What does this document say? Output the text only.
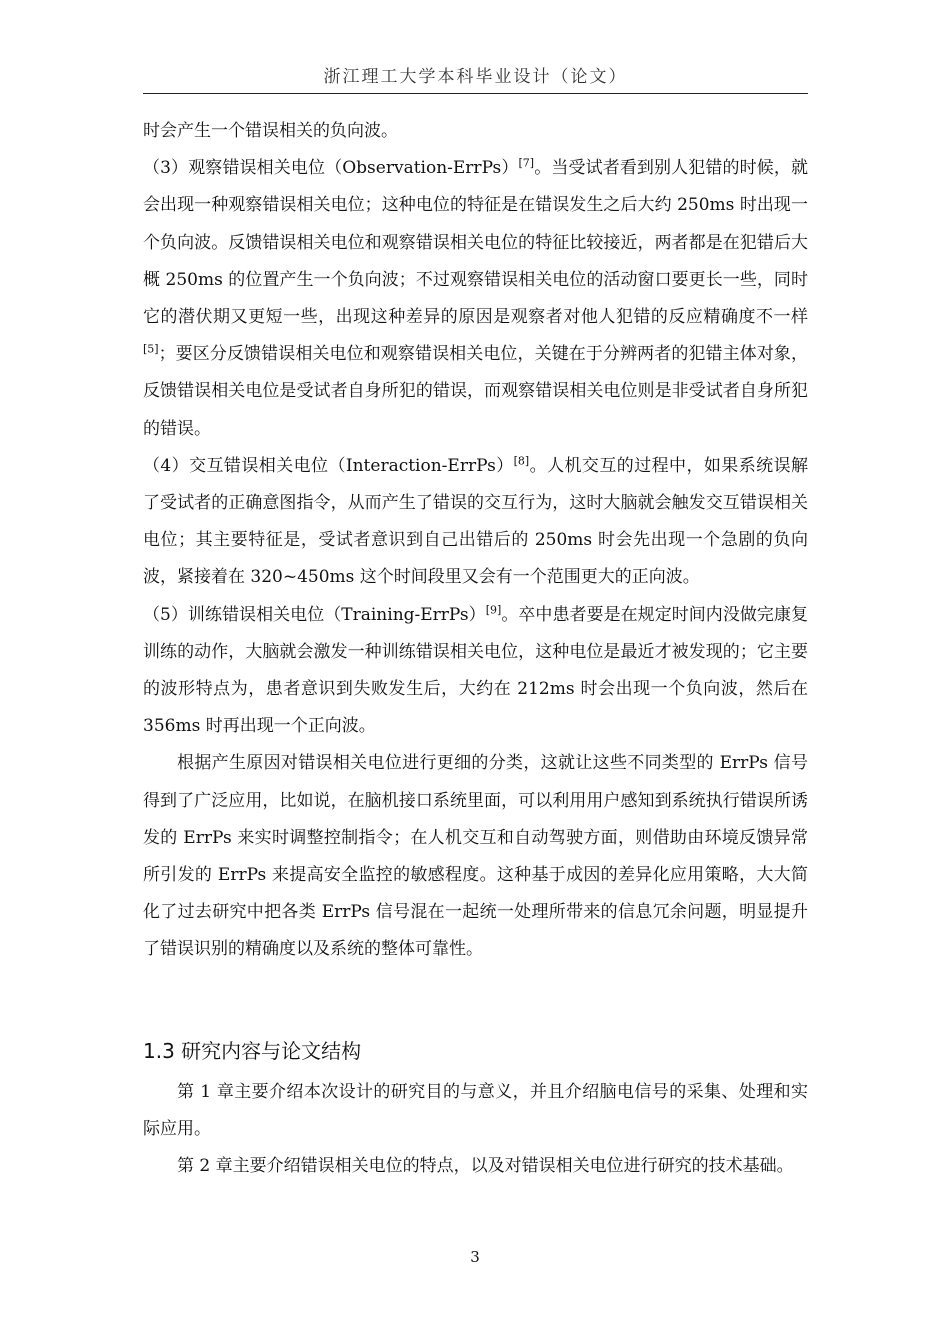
浙江理工大学本科毕业设计（论文）

时会产生一个错误相关的负向波。

（3）观察错误相关电位（Observation-ErrPs）[7]。当受试者看到别人犯错的时候，就会出现一种观察错误相关电位；这种电位的特征是在错误发生之后大约 250ms 时出现一个负向波。反馈错误相关电位和观察错误相关电位的特征比较接近，两者都是在犯错后大概 250ms 的位置产生一个负向波；不过观察错误相关电位的活动窗口要更长一些，同时它的潜伏期又更短一些，出现这种差异的原因是观察者对他人犯错的反应精确度不一样[5]；要区分反馈错误相关电位和观察错误相关电位，关键在于分辨两者的犯错主体对象，反馈错误相关电位是受试者自身所犯的错误，而观察错误相关电位则是非受试者自身所犯的错误。

（4）交互错误相关电位（Interaction-ErrPs）[8]。人机交互的过程中，如果系统误解了受试者的正确意图指令，从而产生了错误的交互行为，这时大脑就会触发交互错误相关电位；其主要特征是，受试者意识到自己出错后的 250ms 时会先出现一个急剧的负向波，紧接着在 320~450ms 这个时间段里又会有一个范围更大的正向波。

（5）训练错误相关电位（Training-ErrPs）[9]。卒中患者要是在规定时间内没做完康复训练的动作，大脑就会激发一种训练错误相关电位，这种电位是最近才被发现的；它主要的波形特点为，患者意识到失败发生后，大约在 212ms 时会出现一个负向波，然后在 356ms 时再出现一个正向波。

根据产生原因对错误相关电位进行更细的分类，这就让这些不同类型的 ErrPs 信号得到了广泛应用，比如说，在脑机接口系统里面，可以利用用户感知到系统执行错误所诱发的 ErrPs 来实时调整控制指令；在人机交互和自动驾驶方面，则借助由环境反馈异常所引发的 ErrPs 来提高安全监控的敏感程度。这种基于成因的差异化应用策略，大大简化了过去研究中把各类 ErrPs 信号混在一起统一处理所带来的信息冗余问题，明显提升了错误识别的精确度以及系统的整体可靠性。

1.3 研究内容与论文结构

第 1 章主要介绍本次设计的研究目的与意义，并且介绍脑电信号的采集、处理和实际应用。

第 2 章主要介绍错误相关电位的特点，以及对错误相关电位进行研究的技术基础。

3
